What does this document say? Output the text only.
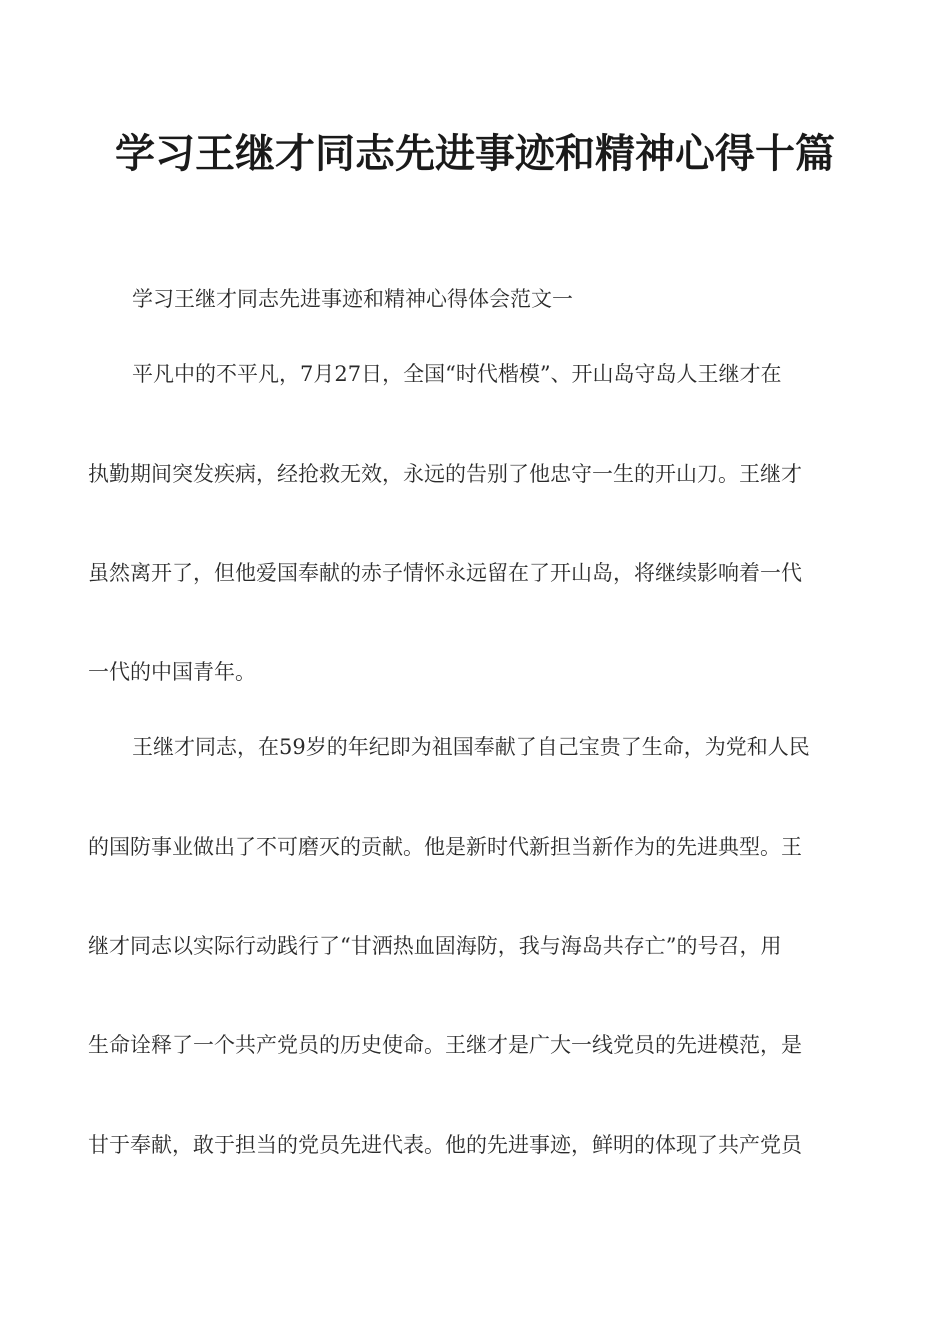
学习王继才同志先进事迹和精神心得十篇
学习王继才同志先进事迹和精神心得体会范文一
平凡中的不平凡，7月27日，全国“时代楷模”、开山岛守岛人王继才在
执勤期间突发疾病，经抢救无效，永远的告别了他忠守一生的开山刀。王继才
虽然离开了，但他爱国奉献的赤子情怀永远留在了开山岛，将继续影响着一代
一代的中国青年。
王继才同志，在59岁的年纪即为祖国奉献了自己宝贵了生命，为党和人民
的国防事业做出了不可磨灭的贡献。他是新时代新担当新作为的先进典型。王
继才同志以实际行动践行了“甘洒热血固海防，我与海岛共存亡”的号召，用
生命诠释了一个共产党员的历史使命。王继才是广大一线党员的先进模范，是
甘于奉献，敢于担当的党员先进代表。他的先进事迹，鲜明的体现了共产党员
